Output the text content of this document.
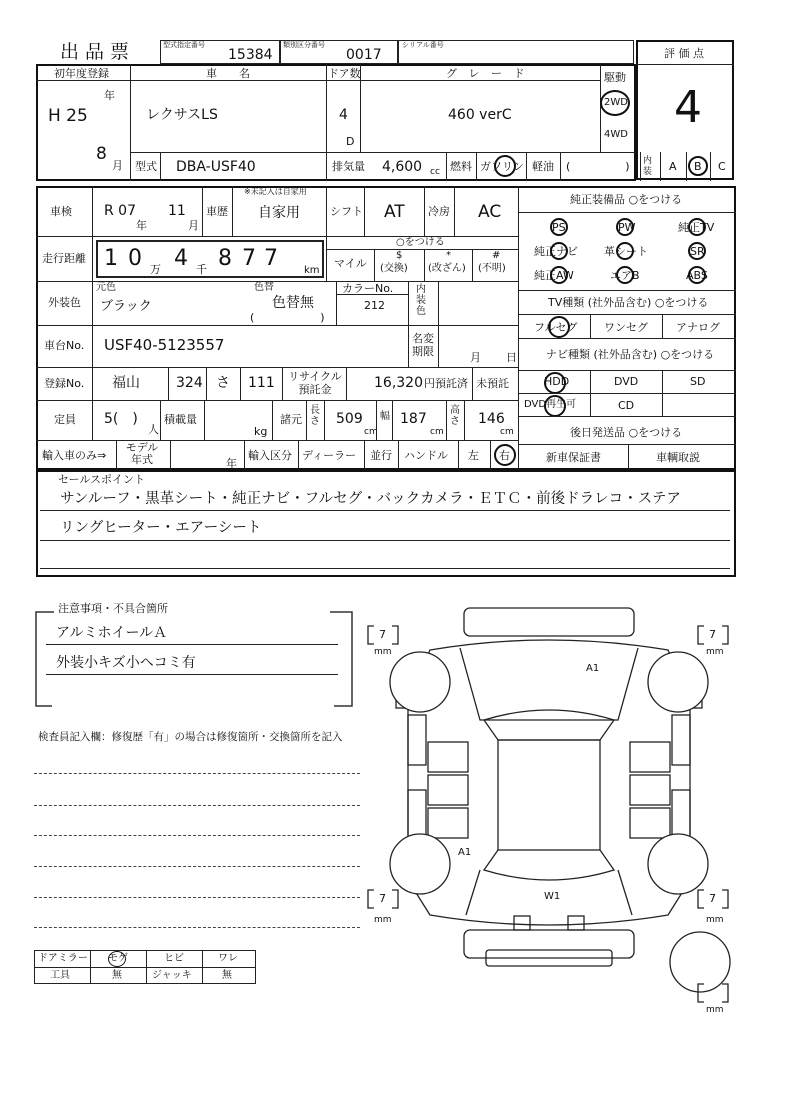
出品票	型式指定番号
15384
類別区分番号
0017
シリアル番号
評 価 点
4
初年度登録
H 25
年
8
月
車　　名
レクサスLS
ドア数
4
D
グ レ ー ド
460 verC
駆動
2WD
4WD
型式 DBA-USF40	排気量 4,600 cc 燃料 ガソリン 軽油 (　　　　　) 内装	A B C
車検 R 07
年
11
月
車歴
※未記入は自家用
自家用	シフト AT 冷房 AC
走行距離 1 0 万 4 千 8 7 7	km
○をつける
マイル
$
(交換)
*
(改ざん)
#
(不明)
外装色
元色
ブラック
色替
色替無
(　　　　　　)
カラーNo.
212
内装色
車台No. USF40-5123557	名変期限	月 日
登録No. 福山	324 さ 111 リサイクル預託金	16,320 円預託済 未預託
定員 5(　)
人
積載量
kg
諸元
長さ 509
cm
幅 187
cm
高さ 146
cm
輸入車のみ⇒
モデル年式	年
輸入区分 ディーラー 並行 ハンドル 左 右
純正装備品 ○をつける
PS	PW	純正TV
純正ナビ 革シート	SR
純正AW	エアB	ABS
TV種類 (社外品含む) ○をつける
フルセグ ワンセグ	アナログ
ナビ種類 (社外品含む) ○をつける
HDD	DVD	SD
DVD再生可	CD
後日発送品 ○をつける
新車保証書	車輌取説
セールスポイント
サンルーフ・黒革シート・純正ナビ・フルセグ・バックカメラ・ＥＴＣ・前後ドラレコ・ステア
リングヒーター・エアーシート
注意事項・不具合箇所
アルミホイールＡ
外装小キズ小ヘコミ有
検査員記入欄：修復歴「有」の場合は修復箇所・交換箇所を記入
ドアミラー モゲ	ヒビ	ワレ
工具	無	ジャッキ	無
7
mm
7
mm
7
mm
7
mm
mm
A1
A1
W1
